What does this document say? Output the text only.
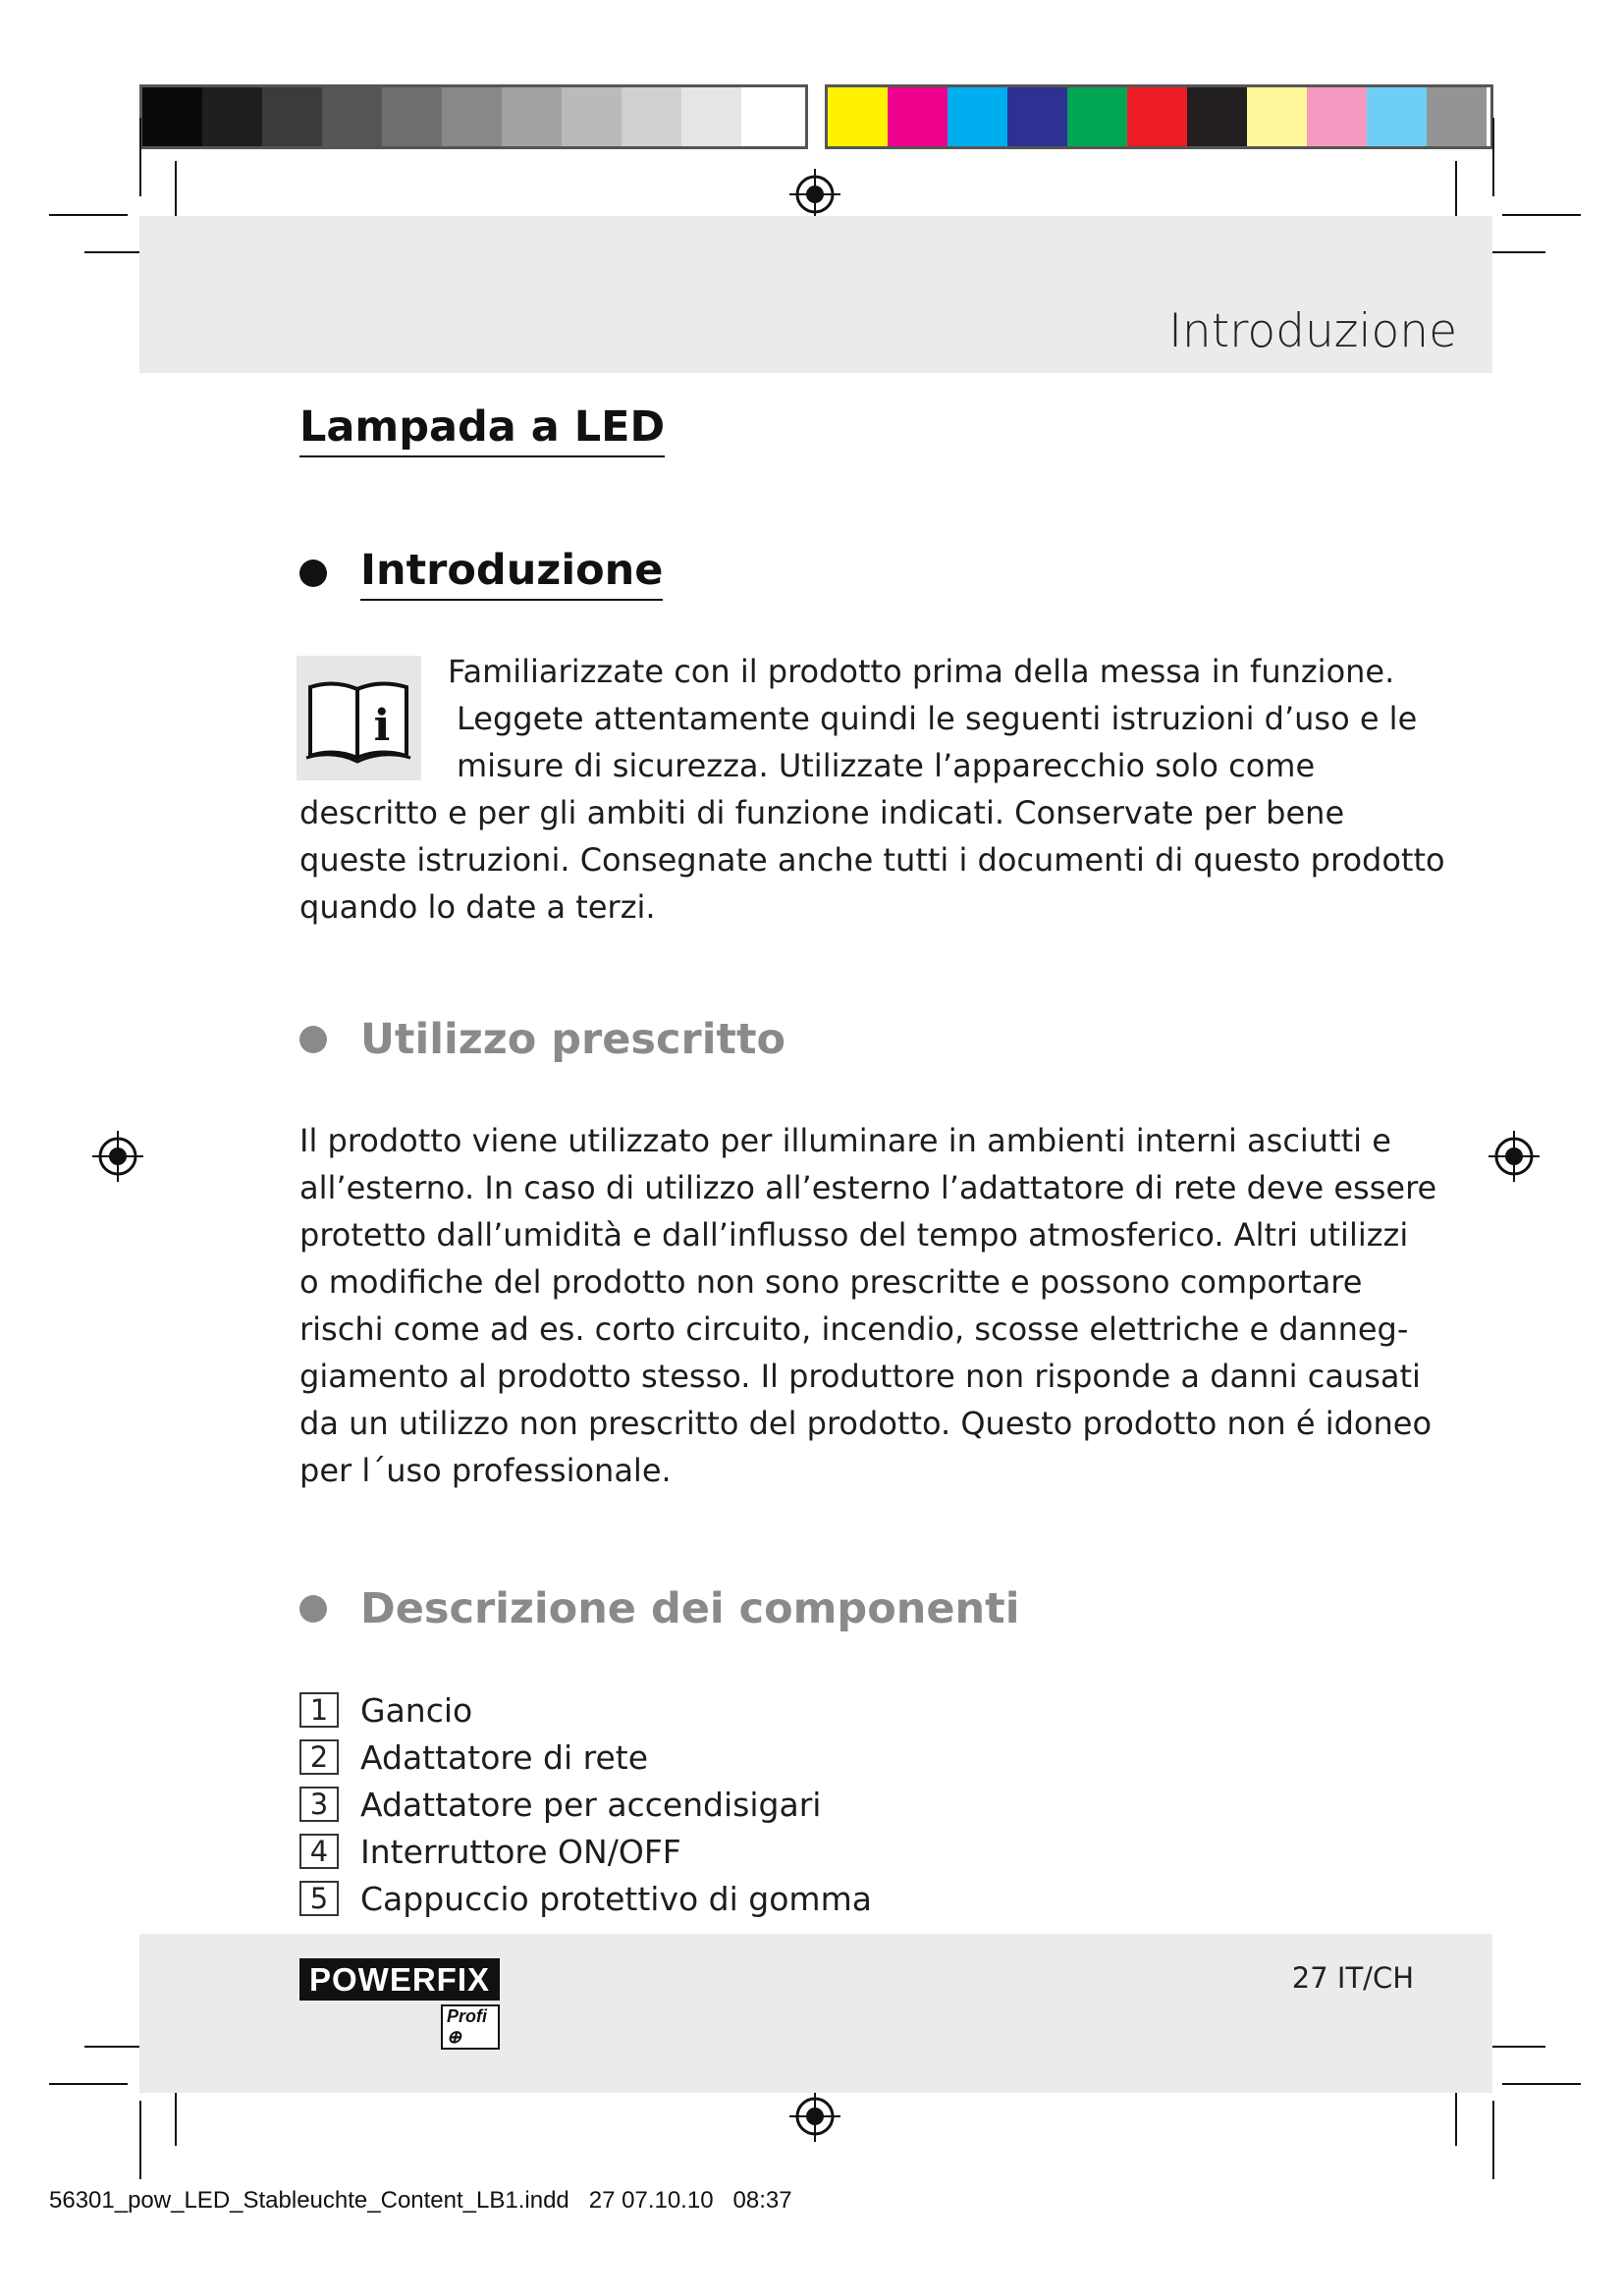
Introduzione
Lampada a LED
Introduzione
i
Familiarizzate con il prodotto prima della messa in funzione.
Leggete attentamente quindi le seguenti istruzioni d’uso e le
misure di sicurezza. Utilizzate l’apparecchio solo come
descritto e per gli ambiti di funzione indicati. Conservate per bene
queste istruzioni. Consegnate anche tutti i documenti di questo prodotto
quando lo date a terzi.
Utilizzo prescritto
Il prodotto viene utilizzato per illuminare in ambienti interni asciutti e
all’esterno. In caso di utilizzo all’esterno l’adattatore di rete deve essere
protetto dall’umidità e dall’influsso del tempo atmosferico. Altri utilizzi
o modifiche del prodotto non sono prescritte e possono comportare
rischi come ad es. corto circuito, incendio, scosse elettriche e danneg-
giamento al prodotto stesso. Il produttore non risponde a danni causati
da un utilizzo non prescritto del prodotto. Questo prodotto non é idoneo
per l´uso professionale.
Descrizione dei componenti
1 Gancio
2 Adattatore di rete
3 Adattatore per accendisigari
4 Interruttore ON/OFF
5 Cappuccio protettivo di gomma
POWERFIX
Profi ⊕
27 IT/CH
56301_pow_LED_Stableuchte_Content_LB1.indd   27 07.10.10   08:37
